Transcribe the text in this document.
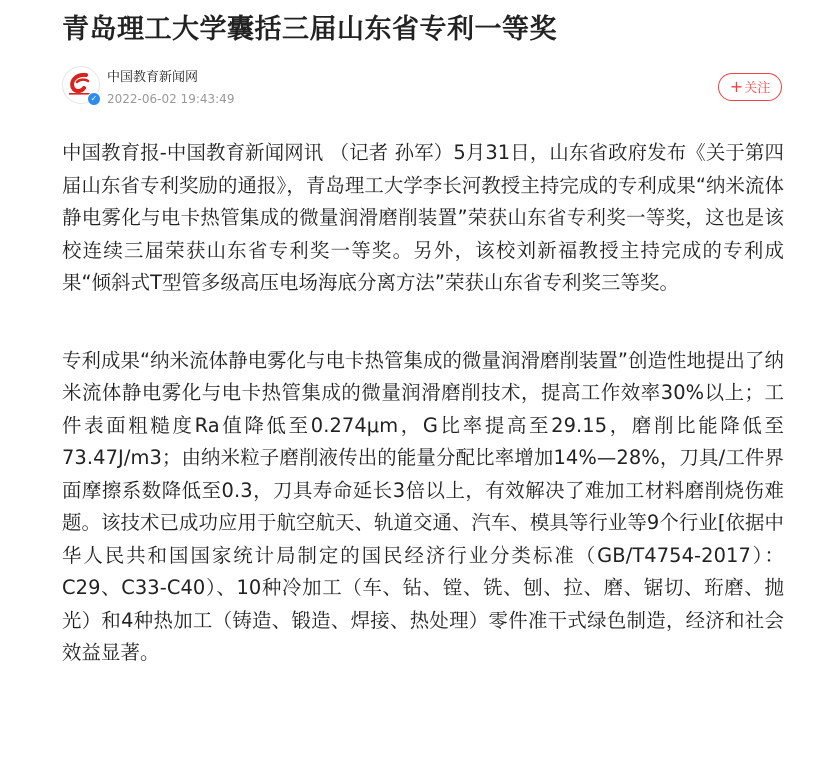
青岛理工大学囊括三届山东省专利一等奖
✓
中国教育新闻网
2022-06-02 19:43:49
+关注

中国教育报-中国教育新闻网讯 （记者 孙军）5月31日，山东省政府发布《关于第四届山东省专利奖励的通报》，青岛理工大学李长河教授主持完成的专利成果“纳米流体静电雾化与电卡热管集成的微量润滑磨削装置”荣获山东省专利奖一等奖，这也是该校连续三届荣获山东省专利奖一等奖。另外，该校刘新福教授主持完成的专利成果“倾斜式T型管多级高压电场海底分离方法”荣获山东省专利奖三等奖。

专利成果“纳米流体静电雾化与电卡热管集成的微量润滑磨削装置”创造性地提出了纳米流体静电雾化与电卡热管集成的微量润滑磨削技术，提高工作效率30%以上；工件表面粗糙度Ra值降低至0.274μm，G比率提高至29.15，磨削比能降低至73.47J/m3；由纳米粒子磨削液传出的能量分配比率增加14%—28%，刀具/工件界面摩擦系数降低至0.3，刀具寿命延长3倍以上，有效解决了难加工材料磨削烧伤难题。该技术已成功应用于航空航天、轨道交通、汽车、模具等行业等9个行业[依据中华人民共和国国家统计局制定的国民经济行业分类标准（GB/T4754-2017）：C29、C33-C40）、10种冷加工（车、钻、镗、铣、刨、拉、磨、锯切、珩磨、抛光）和4种热加工（铸造、锻造、焊接、热处理）零件准干式绿色制造，经济和社会效益显著。
